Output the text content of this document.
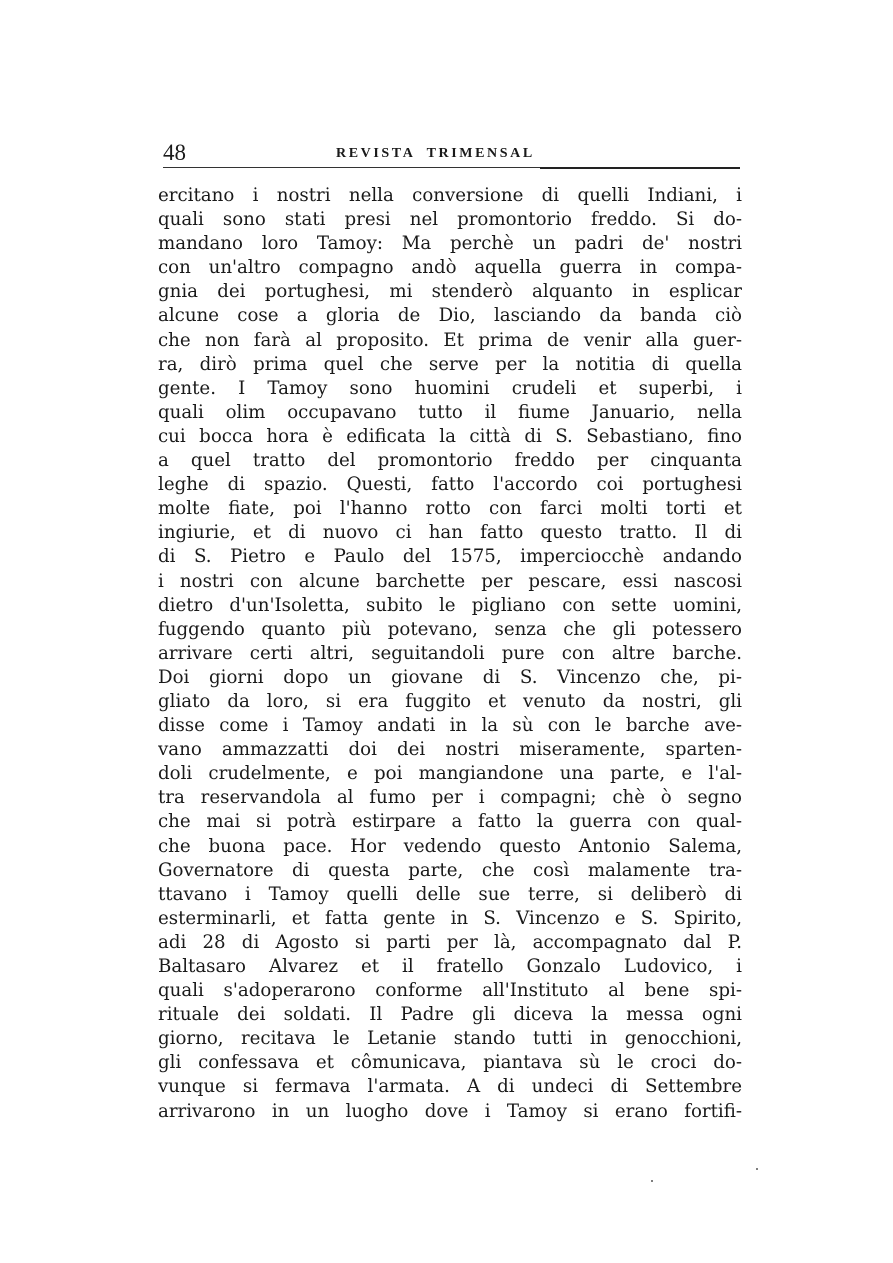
48	REVISTA  TRIMENSAL
ercitano i nostri nella conversione di quelli Indiani, i
quali sono stati presi nel promontorio freddo. Si do-
mandano loro Tamoy: Ma perchè un padri de' nostri
con un'altro compagno andò aquella guerra in compa-
gnia dei portughesi, mi stenderò alquanto in esplicar
alcune cose a gloria de Dio, lasciando da banda ciò
che non farà al proposito. Et prima de venir alla guer-
ra, dirò prima quel che serve per la notitia di quella
gente. I Tamoy sono huomini crudeli et superbi, i
quali olim occupavano tutto il fiume Januario, nella
cui bocca hora è edificata la città di S. Sebastiano, fino
a quel tratto del promontorio freddo per cinquanta
leghe di spazio. Questi, fatto l'accordo coi portughesi
molte fiate, poi l'hanno rotto con farci molti torti et
ingiurie, et di nuovo ci han fatto questo tratto. Il di
di S. Pietro e Paulo del 1575, imperciocchè andando
i nostri con alcune barchette per pescare, essi nascosi
dietro d'un'Isoletta, subito le pigliano con sette uomini,
fuggendo quanto più potevano, senza che gli potessero
arrivare certi altri, seguitandoli pure con altre barche.
Doi giorni dopo un giovane di S. Vincenzo che, pi-
gliato da loro, si era fuggito et venuto da nostri, gli
disse come i Tamoy andati in la sù con le barche ave-
vano ammazzatti doi dei nostri miseramente, sparten-
doli crudelmente, e poi mangiandone una parte, e l'al-
tra reservandola al fumo per i compagni; chè ò segno
che mai si potrà estirpare a fatto la guerra con qual-
che buona pace. Hor vedendo questo Antonio Salema,
Governatore di questa parte, che così malamente tra-
ttavano i Tamoy quelli delle sue terre, si deliberò di
esterminarli, et fatta gente in S. Vincenzo e S. Spirito,
adi 28 di Agosto si parti per là, accompagnato dal P.
Baltasaro Alvarez et il fratello Gonzalo Ludovico, i
quali s'adoperarono conforme all'Instituto al bene spi-
rituale dei soldati. Il Padre gli diceva la messa ogni
giorno, recitava le Letanie stando tutti in genocchioni,
gli confessava et cômunicava, piantava sù le croci do-
vunque si fermava l'armata. A di undeci di Settembre
arrivarono in un luogho dove i Tamoy si erano fortifi-
